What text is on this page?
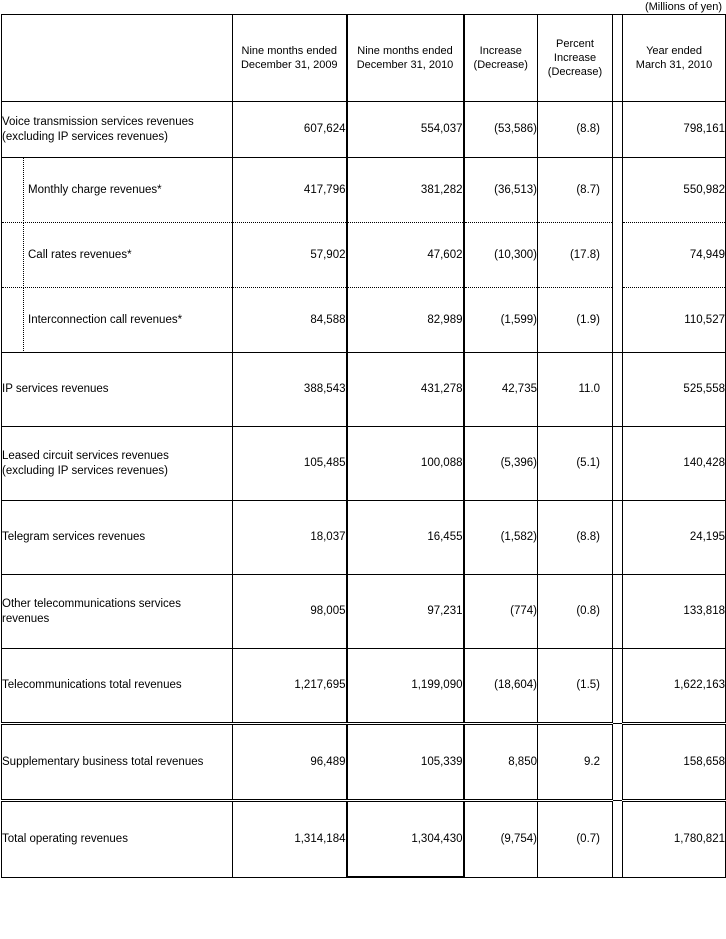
(Millions of yen)
	Nine months ended
December 31, 2009	Nine months ended
December 31, 2010	Increase
(Decrease)	Percent
Increase
(Decrease)		Year ended
March 31, 2010
Voice transmission services revenues
(excluding IP services revenues)	607,624	554,037	(53,586)	(8.8)		798,161
Monthly charge revenues*	417,796	381,282	(36,513)	(8.7)		550,982
Call rates revenues*	57,902	47,602	(10,300)	(17.8)		74,949
Interconnection call revenues*	84,588	82,989	(1,599)	(1.9)		110,527
IP services revenues	388,543	431,278	42,735	11.0		525,558
Leased circuit services revenues
(excluding IP services revenues)	105,485	100,088	(5,396)	(5.1)		140,428
Telegram services revenues	18,037	16,455	(1,582)	(8.8)		24,195
Other telecommunications services
revenues	98,005	97,231	(774)	(0.8)		133,818
Telecommunications total revenues	1,217,695	1,199,090	(18,604)	(1.5)		1,622,163
Supplementary business total revenues	96,489	105,339	8,850	9.2		158,658
Total operating revenues	1,314,184	1,304,430	(9,754)	(0.7)		1,780,821
